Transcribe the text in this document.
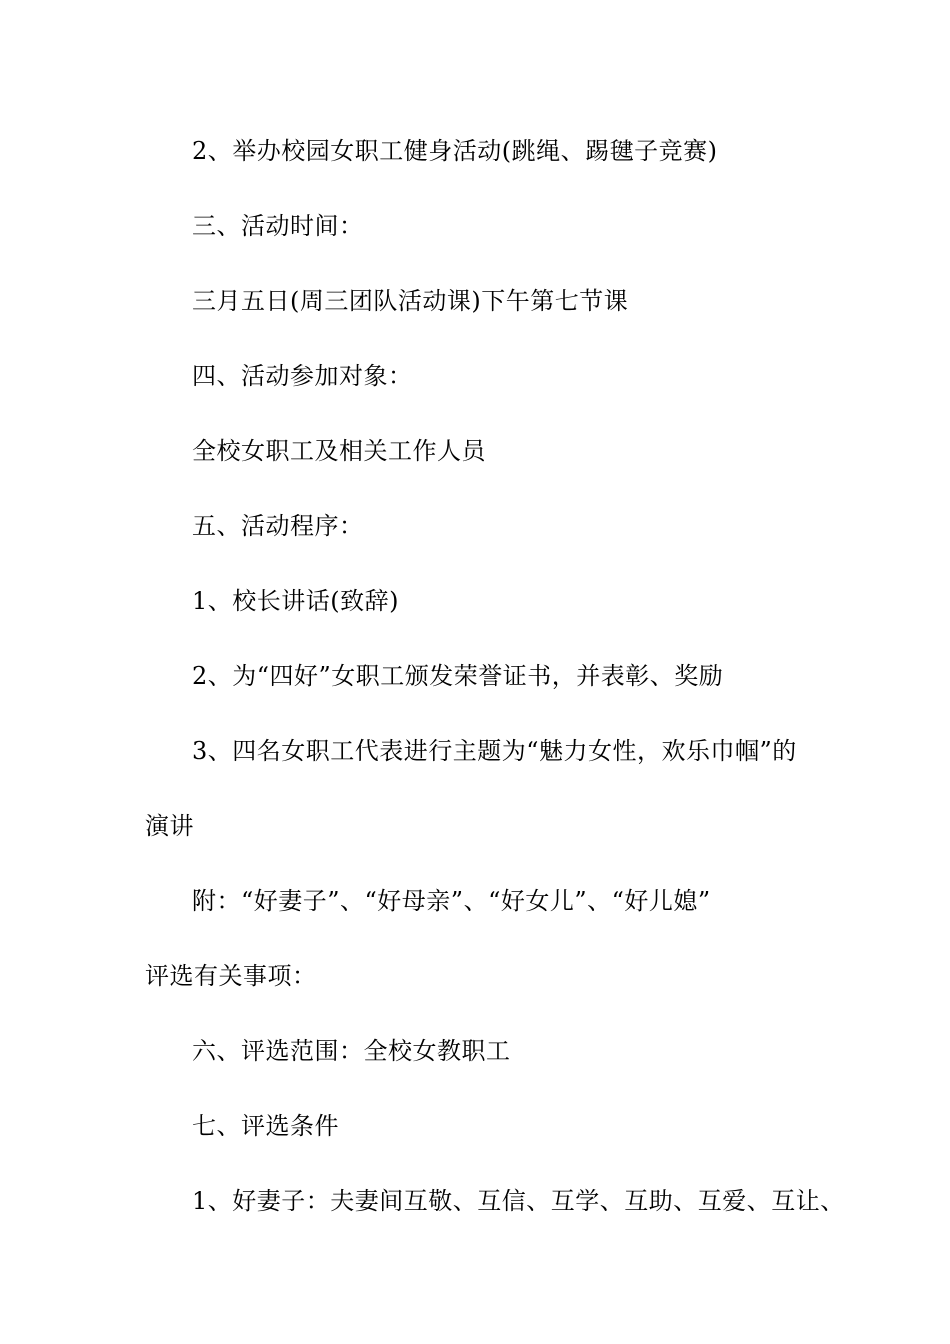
2、举办校园女职工健身活动(跳绳、踢毽子竞赛)
三、活动时间：
三月五日(周三团队活动课)下午第七节课
四、活动参加对象：
全校女职工及相关工作人员
五、活动程序：
1、校长讲话(致辞)
2、为“四好”女职工颁发荣誉证书，并表彰、奖励
3、四名女职工代表进行主题为“魅力女性，欢乐巾帼”的
演讲
附：“好妻子”、“好母亲”、“好女儿”、“好儿媳”
评选有关事项：
六、评选范围：全校女教职工
七、评选条件
1、好妻子：夫妻间互敬、互信、互学、互助、互爱、互让、
